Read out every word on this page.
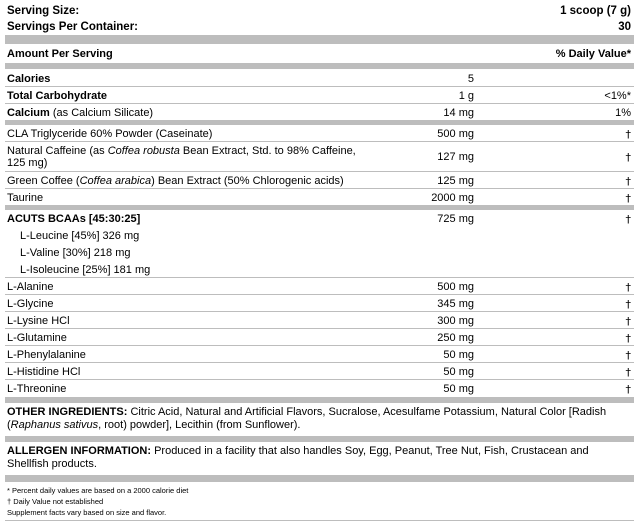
Serving Size:	1 scoop (7 g)
Servings Per Container:	30
Amount Per Serving	% Daily Value*
Calories	5
Total Carbohydrate	1 g	<1%*
Calcium (as Calcium Silicate)	14 mg	1%
CLA Triglyceride 60% Powder (Caseinate)	500 mg	†
Natural Caffeine (as Coffea robusta Bean Extract, Std. to 98% Caffeine,
125 mg)	127 mg	†
Green Coffee (Coffea arabica) Bean Extract (50% Chlorogenic acids)	125 mg	†
Taurine	2000 mg	†
ACUTS BCAAs [45:30:25]	725 mg	†
L-Leucine [45%] 326 mg
L-Valine [30%] 218 mg
L-Isoleucine [25%] 181 mg
L-Alanine	500 mg	†
L-Glycine	345 mg	†
L-Lysine HCl	300 mg	†
L-Glutamine	250 mg	†
L-Phenylalanine	50 mg	†
L-Histidine HCl	50 mg	†
L-Threonine	50 mg	†
OTHER INGREDIENTS: Citric Acid, Natural and Artificial Flavors, Sucralose, Acesulfame Potassium, Natural Color [Radish (Raphanus sativus, root) powder], Lecithin (from Sunflower).
ALLERGEN INFORMATION: Produced in a facility that also handles Soy, Egg, Peanut, Tree Nut, Fish, Crustacean and Shellfish products.
* Percent daily values are based on a 2000 calorie diet
† Daily Value not established
Supplement facts vary based on size and flavor.
